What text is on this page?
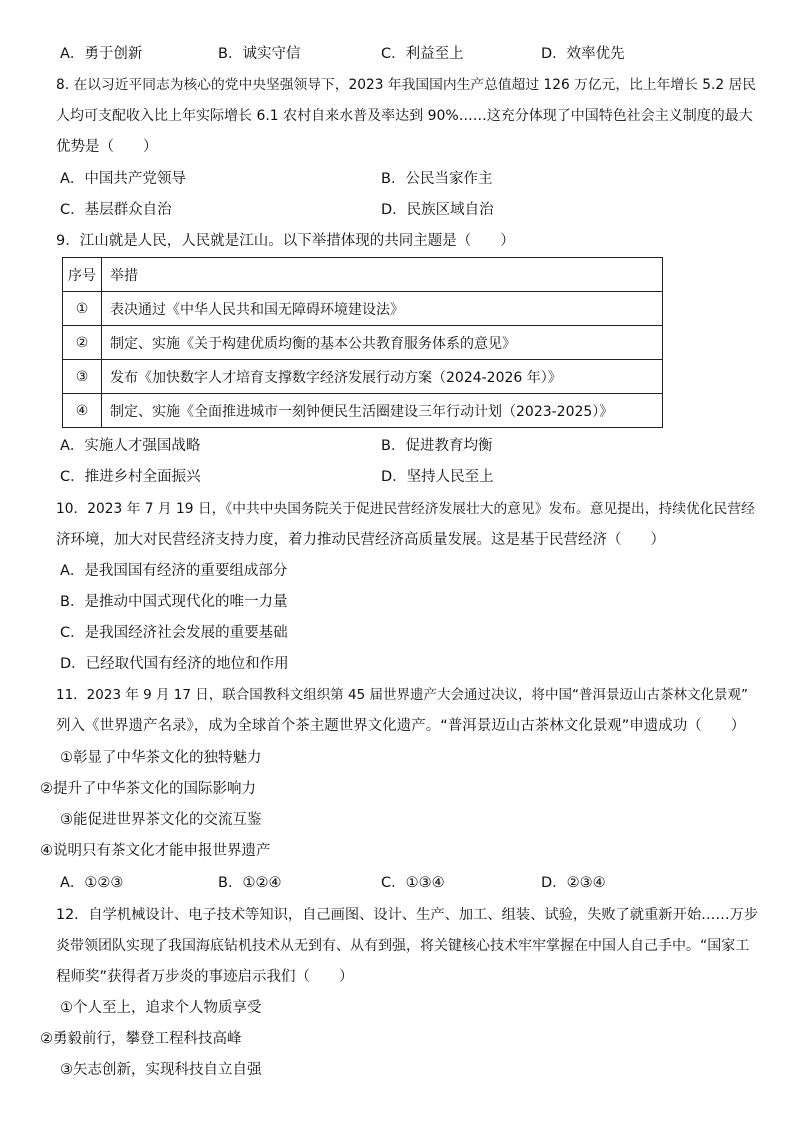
A．勇于创新	B．诚实守信	C．利益至上	D．效率优先
8. 在以习近平同志为核心的党中央坚强领导下，2023 年我国国内生产总值超过 126 万亿元，比上年增长 5.2 居民
人均可支配收入比上年实际增长 6.1 农村自来水普及率达到 90%……这充分体现了中国特色社会主义制度的最大
优势是（　　）
A．中国共产党领导	B．公民当家作主
C．基层群众自治	D．民族区域自治
9．江山就是人民，人民就是江山。以下举措体现的共同主题是（　　）
序号	举措
①	表决通过《中华人民共和国无障碍环境建设法》
②	制定、实施《关于构建优质均衡的基本公共教育服务体系的意见》
③	发布《加快数字人才培育支撑数字经济发展行动方案（2024-2026 年）》
④	制定、实施《全面推进城市一刻钟便民生活圈建设三年行动计划（2023-2025）》
A．实施人才强国战略	B．促进教育均衡
C．推进乡村全面振兴	D．坚持人民至上
10．2023 年 7 月 19 日，《中共中央国务院关于促进民营经济发展壮大的意见》发布。意见提出，持续优化民营经
济环境，加大对民营经济支持力度，着力推动民营经济高质量发展。这是基于民营经济（　　）
A．是我国国有经济的重要组成部分
B．是推动中国式现代化的唯一力量
C．是我国经济社会发展的重要基础
D．已经取代国有经济的地位和作用
11．2023 年 9 月 17 日，联合国教科文组织第 45 届世界遗产大会通过决议，将中国“普洱景迈山古茶林文化景观”
列入《世界遗产名录》，成为全球首个茶主题世界文化遗产。“普洱景迈山古茶林文化景观”申遗成功（　　）
①彰显了中华茶文化的独特魅力
②提升了中华茶文化的国际影响力
③能促进世界茶文化的交流互鉴
④说明只有茶文化才能申报世界遗产
A．①②③	B．①②④	C．①③④	D．②③④
12．自学机械设计、电子技术等知识，自己画图、设计、生产、加工、组装、试验，失败了就重新开始……万步
炎带领团队实现了我国海底钻机技术从无到有、从有到强，将关键核心技术牢牢掌握在中国人自己手中。“国家工
程师奖”获得者万步炎的事迹启示我们（　　）
①个人至上，追求个人物质享受
②勇毅前行，攀登工程科技高峰
③矢志创新，实现科技自立自强
